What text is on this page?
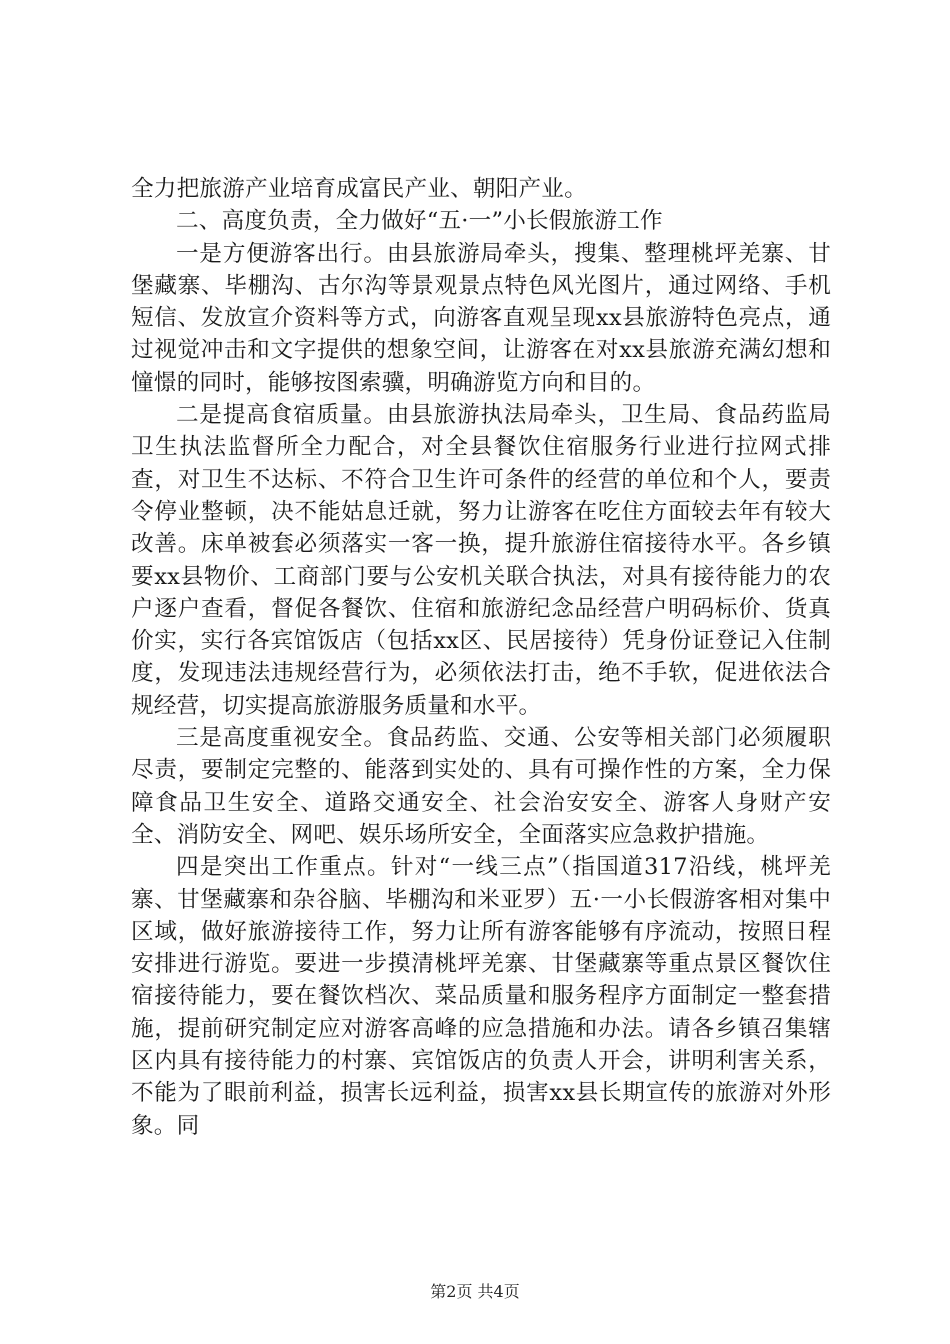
全力把旅游产业培育成富民产业、朝阳产业。

二、高度负责，全力做好“五·一”小长假旅游工作

一是方便游客出行。由县旅游局牵头，搜集、整理桃坪羌寨、甘堡藏寨、毕棚沟、古尔沟等景观景点特色风光图片，通过网络、手机短信、发放宣介资料等方式，向游客直观呈现xx县旅游特色亮点，通过视觉冲击和文字提供的想象空间，让游客在对xx县旅游充满幻想和憧憬的同时，能够按图索骥，明确游览方向和目的。

二是提高食宿质量。由县旅游执法局牵头，卫生局、食品药监局卫生执法监督所全力配合，对全县餐饮住宿服务行业进行拉网式排查，对卫生不达标、不符合卫生许可条件的经营的单位和个人，要责令停业整顿，决不能姑息迁就，努力让游客在吃住方面较去年有较大改善。床单被套必须落实一客一换，提升旅游住宿接待水平。各乡镇要xx县物价、工商部门要与公安机关联合执法，对具有接待能力的农户逐户查看，督促各餐饮、住宿和旅游纪念品经营户明码标价、货真价实，实行各宾馆饭店（包括xx区、民居接待）凭身份证登记入住制度，发现违法违规经营行为，必须依法打击，绝不手软，促进依法合规经营，切实提高旅游服务质量和水平。

三是高度重视安全。食品药监、交通、公安等相关部门必须履职尽责，要制定完整的、能落到实处的、具有可操作性的方案，全力保障食品卫生安全、道路交通安全、社会治安安全、游客人身财产安全、消防安全、网吧、娱乐场所安全，全面落实应急救护措施。

四是突出工作重点。针对“一线三点”（指国道317沿线，桃坪羌寨、甘堡藏寨和杂谷脑、毕棚沟和米亚罗）五·一小长假游客相对集中区域，做好旅游接待工作，努力让所有游客能够有序流动，按照日程安排进行游览。要进一步摸清桃坪羌寨、甘堡藏寨等重点景区餐饮住宿接待能力，要在餐饮档次、菜品质量和服务程序方面制定一整套措施，提前研究制定应对游客高峰的应急措施和办法。请各乡镇召集辖区内具有接待能力的村寨、宾馆饭店的负责人开会，讲明利害关系，不能为了眼前利益，损害长远利益，损害xx县长期宣传的旅游对外形象。同

第2页 共4页
